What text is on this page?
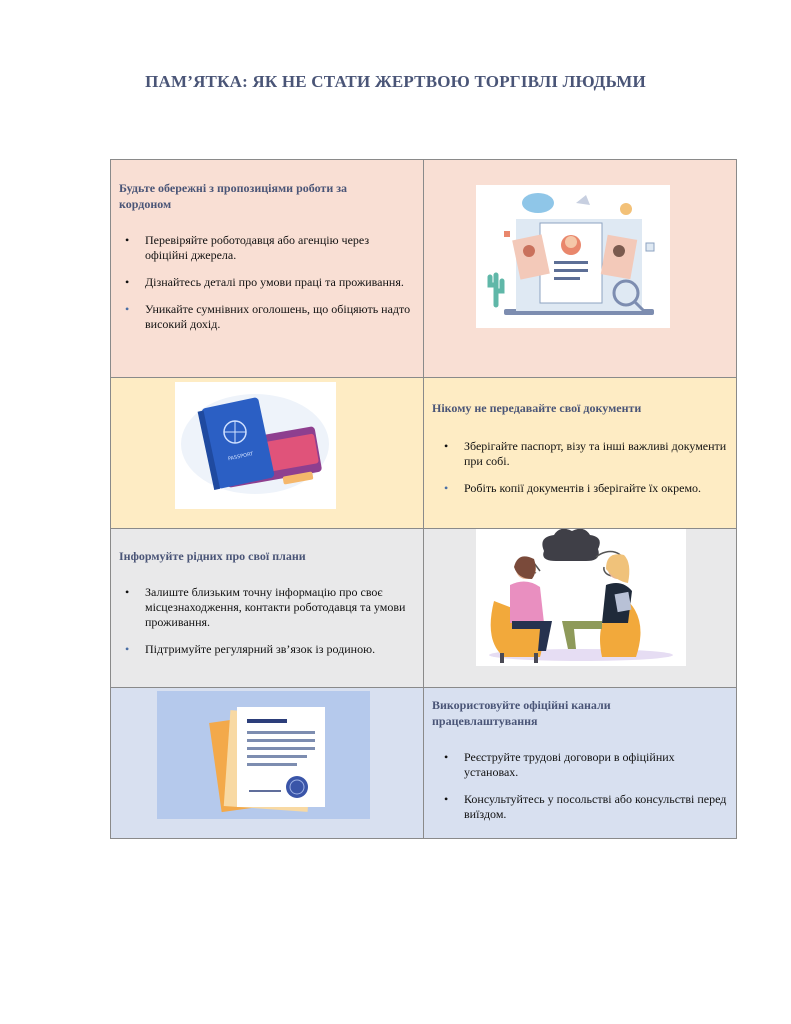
ПАМ’ЯТКА: ЯК НЕ СТАТИ ЖЕРТВОЮ ТОРГІВЛІ ЛЮДЬМИ
Будьте обережні з пропозиціями роботи за кордоном
• Перевіряйте роботодавця або агенцію через офіційні джерела.
• Дізнайтесь деталі про умови праці та проживання.
• Уникайте сумнівних оголошень, що обіцяють надто високий дохід.
PASSPORT
Нікому не передавайте свої документи
• Зберігайте паспорт, візу та інші важливі документи при собі.
• Робіть копії документів і зберігайте їх окремо.
Інформуйте рідних про свої плани
• Залиште близьким точну інформацію про своє місцезнаходження, контакти роботодавця та умови проживання.
• Підтримуйте регулярний зв’язок із родиною.
Використовуйте офіційні канали працевлаштування
• Реєструйте трудові договори в офіційних установах.
• Консультуйтесь у посольстві або консульстві перед виїздом.
